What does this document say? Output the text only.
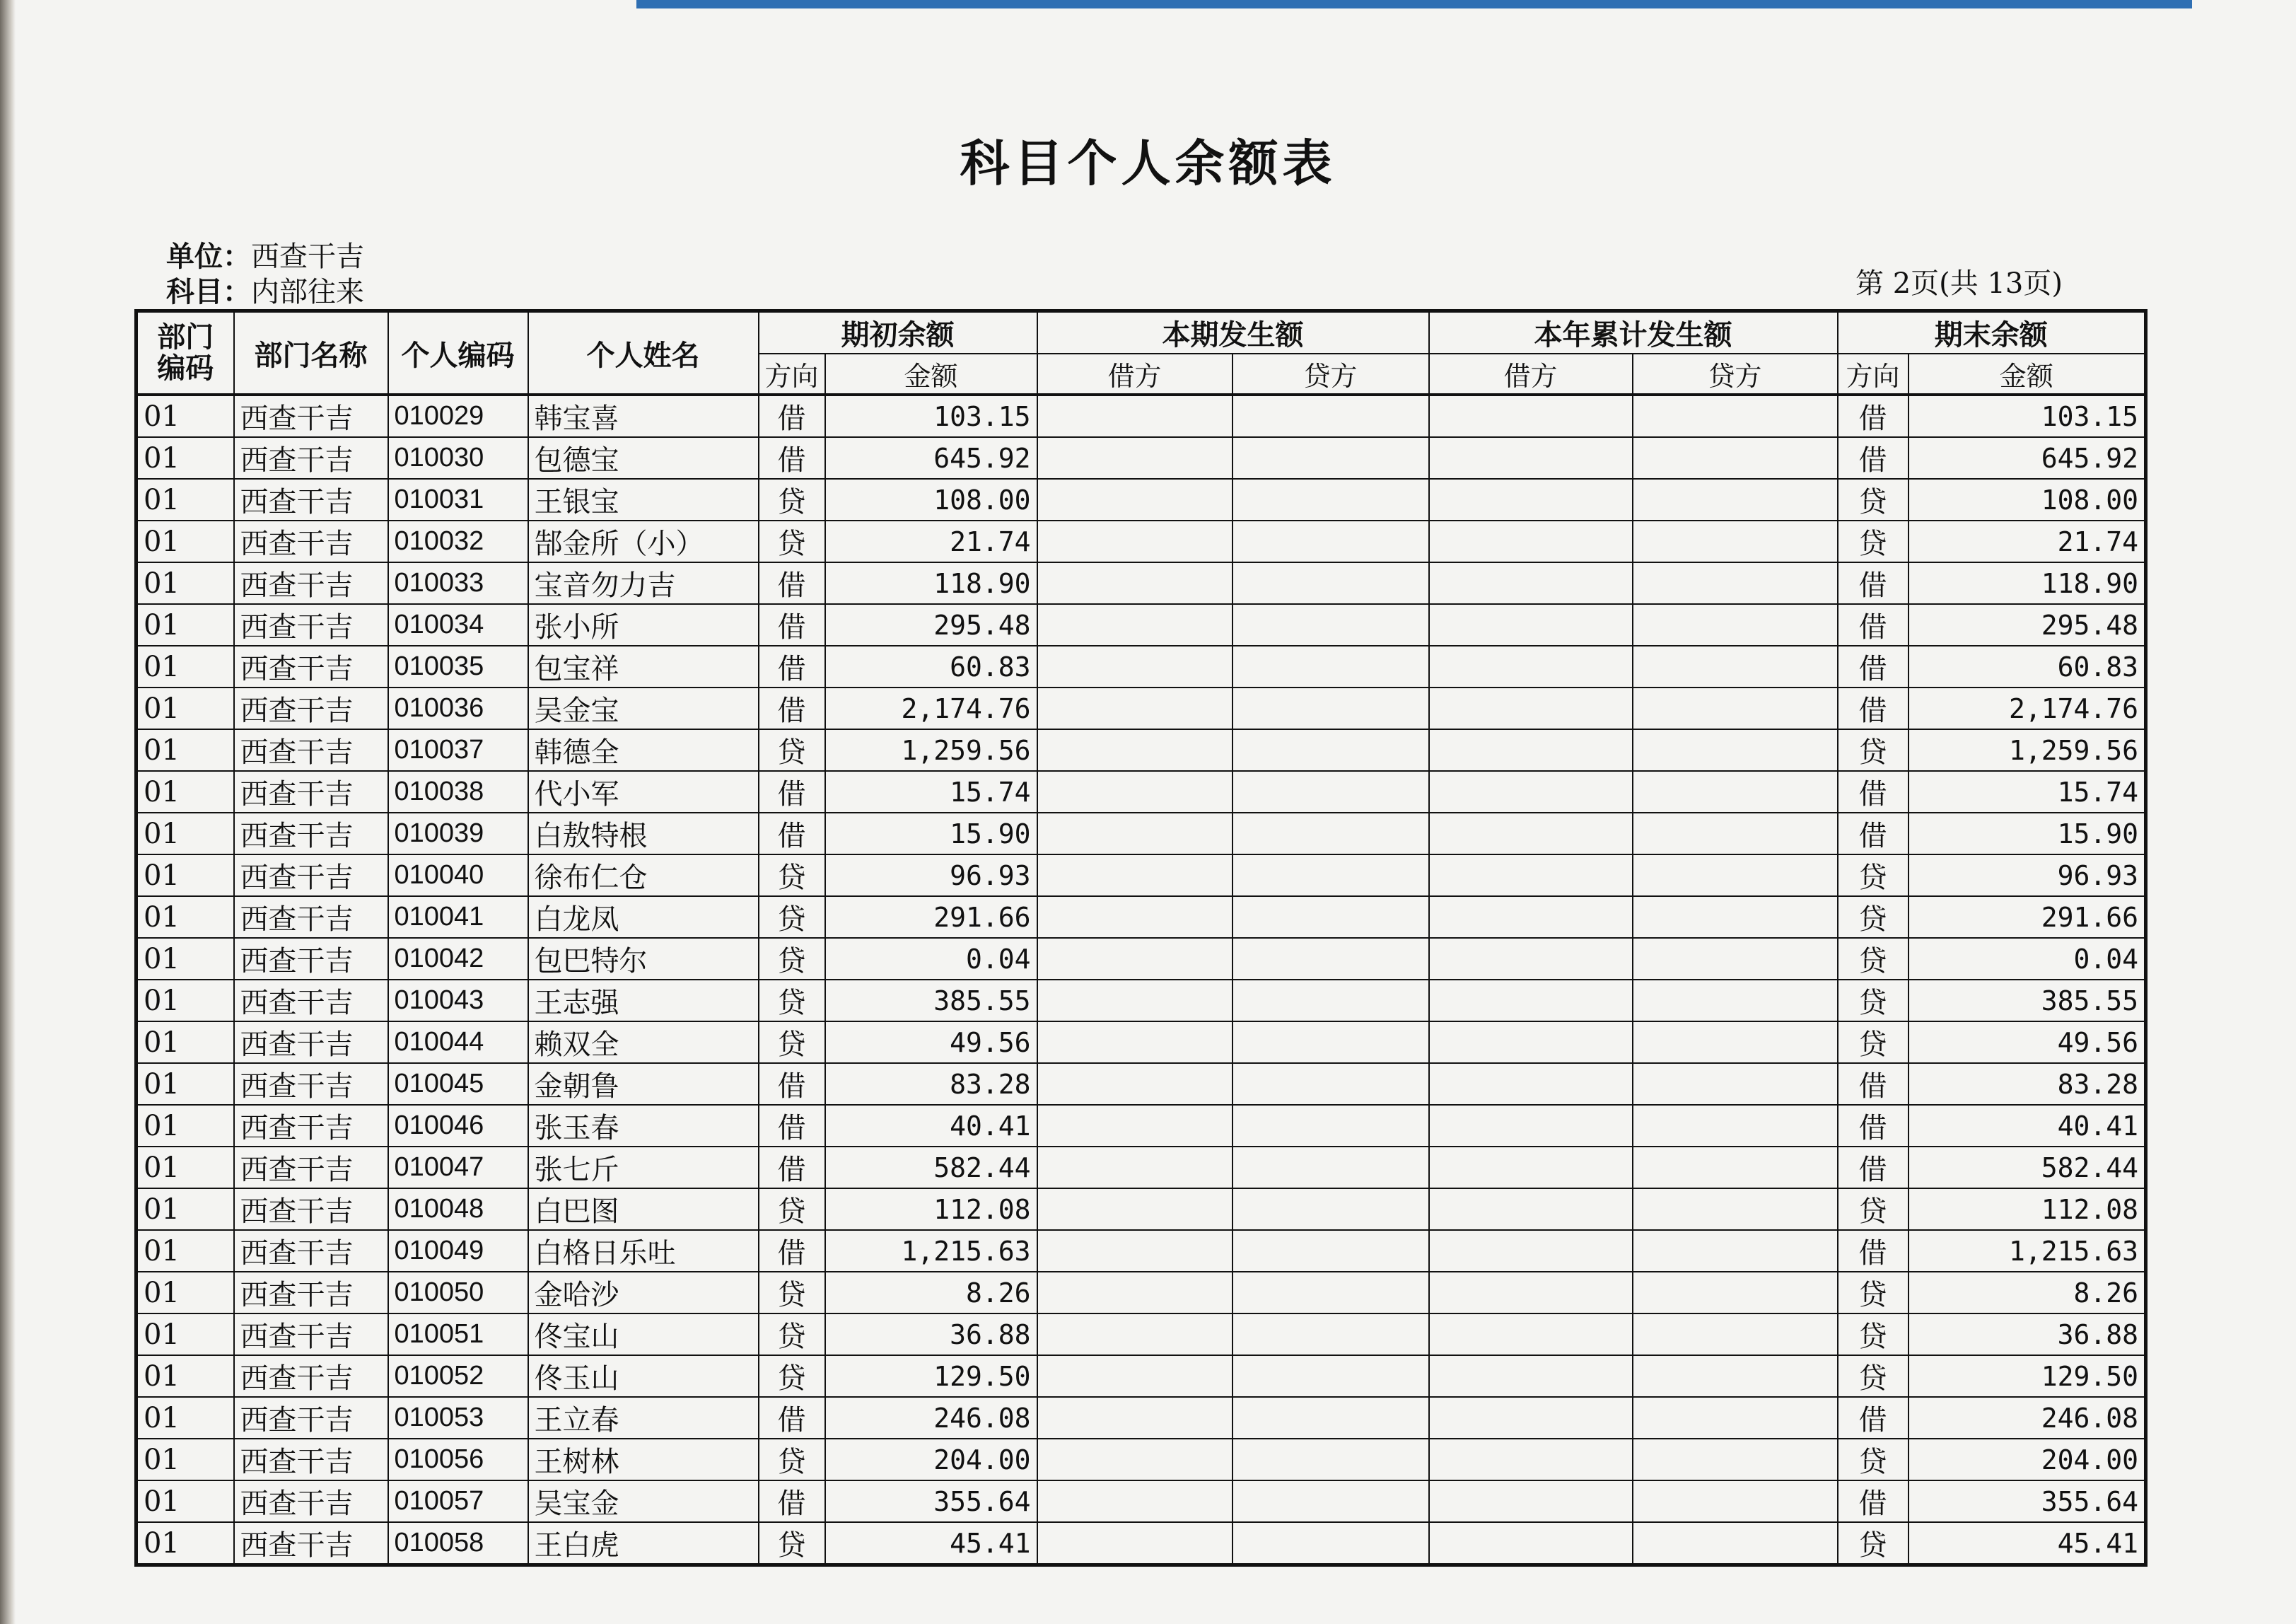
科目个人余额表
单位：西查干吉
科目：内部往来	第 2页(共 13页)
部门编码	部门名称	个人编码	个人姓名	期初余额		本期发生额		本年累计发生额		期末余额	
				方向	金额	借方	贷方	借方	贷方	方向	金额
01	西查干吉	010029	韩宝喜	借	103.15					借	103.15
01	西查干吉	010030	包德宝	借	645.92					借	645.92
01	西查干吉	010031	王银宝	贷	108.00					贷	108.00
01	西查干吉	010032	郜金所（小）	贷	21.74					贷	21.74
01	西查干吉	010033	宝音勿力吉	借	118.90					借	118.90
01	西查干吉	010034	张小所	借	295.48					借	295.48
01	西查干吉	010035	包宝祥	借	60.83					借	60.83
01	西查干吉	010036	吴金宝	借	2,174.76					借	2,174.76
01	西查干吉	010037	韩德全	贷	1,259.56					贷	1,259.56
01	西查干吉	010038	代小军	借	15.74					借	15.74
01	西查干吉	010039	白敖特根	借	15.90					借	15.90
01	西查干吉	010040	徐布仁仓	贷	96.93					贷	96.93
01	西查干吉	010041	白龙凤	贷	291.66					贷	291.66
01	西查干吉	010042	包巴特尔	贷	0.04					贷	0.04
01	西查干吉	010043	王志强	贷	385.55					贷	385.55
01	西查干吉	010044	赖双全	贷	49.56					贷	49.56
01	西查干吉	010045	金朝鲁	借	83.28					借	83.28
01	西查干吉	010046	张玉春	借	40.41					借	40.41
01	西查干吉	010047	张七斤	借	582.44					借	582.44
01	西查干吉	010048	白巴图	贷	112.08					贷	112.08
01	西查干吉	010049	白格日乐吐	借	1,215.63					借	1,215.63
01	西查干吉	010050	金哈沙	贷	8.26					贷	8.26
01	西查干吉	010051	佟宝山	贷	36.88					贷	36.88
01	西查干吉	010052	佟玉山	贷	129.50					贷	129.50
01	西查干吉	010053	王立春	借	246.08					借	246.08
01	西查干吉	010056	王树林	贷	204.00					贷	204.00
01	西查干吉	010057	吴宝金	借	355.64					借	355.64
01	西查干吉	010058	王白虎	贷	45.41					贷	45.41
